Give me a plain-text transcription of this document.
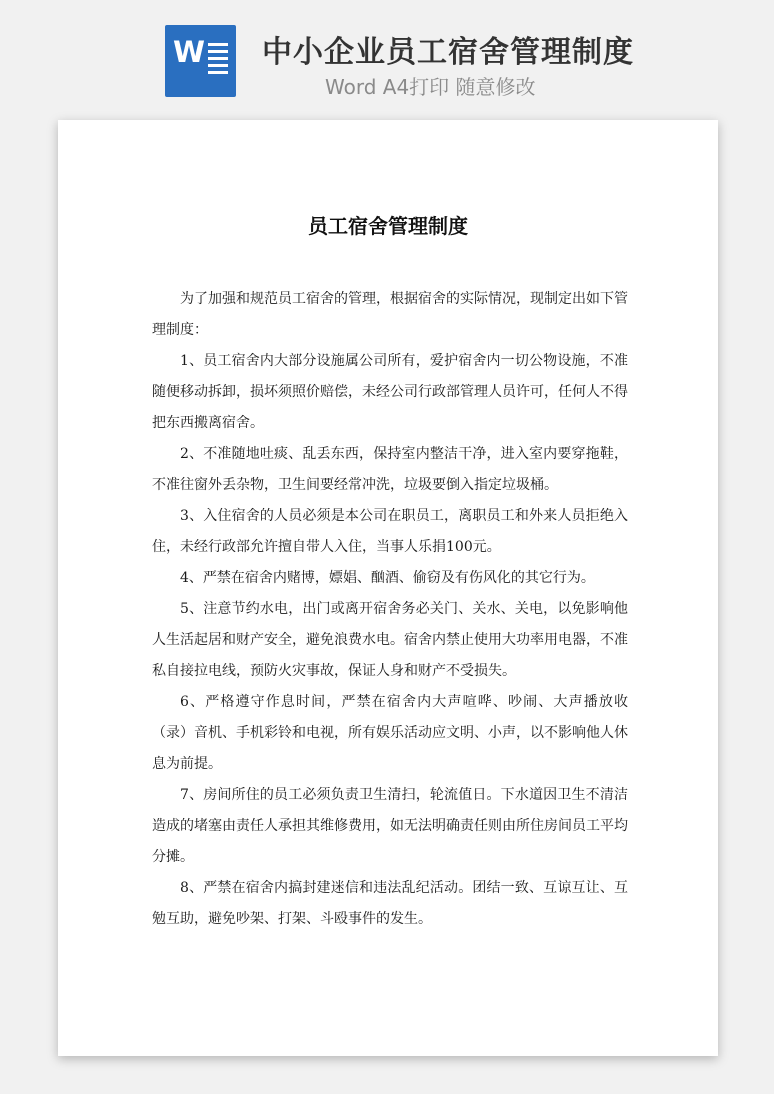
W 中小企业员工宿舍管理制度
Word A4打印 随意修改
员工宿舍管理制度

为了加强和规范员工宿舍的管理，根据宿舍的实际情况，现制定出如下管理制度：

1、员工宿舍内大部分设施属公司所有，爱护宿舍内一切公物设施，不准随便移动拆卸，损坏须照价赔偿，未经公司行政部管理人员许可，任何人不得把东西搬离宿舍。

2、不准随地吐痰、乱丢东西，保持室内整洁干净，进入室内要穿拖鞋，不准往窗外丢杂物，卫生间要经常冲洗，垃圾要倒入指定垃圾桶。

3、入住宿舍的人员必须是本公司在职员工，离职员工和外来人员拒绝入住，未经行政部允许擅自带人入住，当事人乐捐100元。

4、严禁在宿舍内赌博，嫖娼、酗酒、偷窃及有伤风化的其它行为。

5、注意节约水电，出门或离开宿舍务必关门、关水、关电，以免影响他人生活起居和财产安全，避免浪费水电。宿舍内禁止使用大功率用电器，不准私自接拉电线，预防火灾事故，保证人身和财产不受损失。

6、严格遵守作息时间，严禁在宿舍内大声喧哗、吵闹、大声播放收（录）音机、手机彩铃和电视，所有娱乐活动应文明、小声，以不影响他人休息为前提。

7、房间所住的员工必须负责卫生清扫，轮流值日。下水道因卫生不清洁造成的堵塞由责任人承担其维修费用，如无法明确责任则由所住房间员工平均分摊。

8、严禁在宿舍内搞封建迷信和违法乱纪活动。团结一致、互谅互让、互勉互助，避免吵架、打架、斗殴事件的发生。
